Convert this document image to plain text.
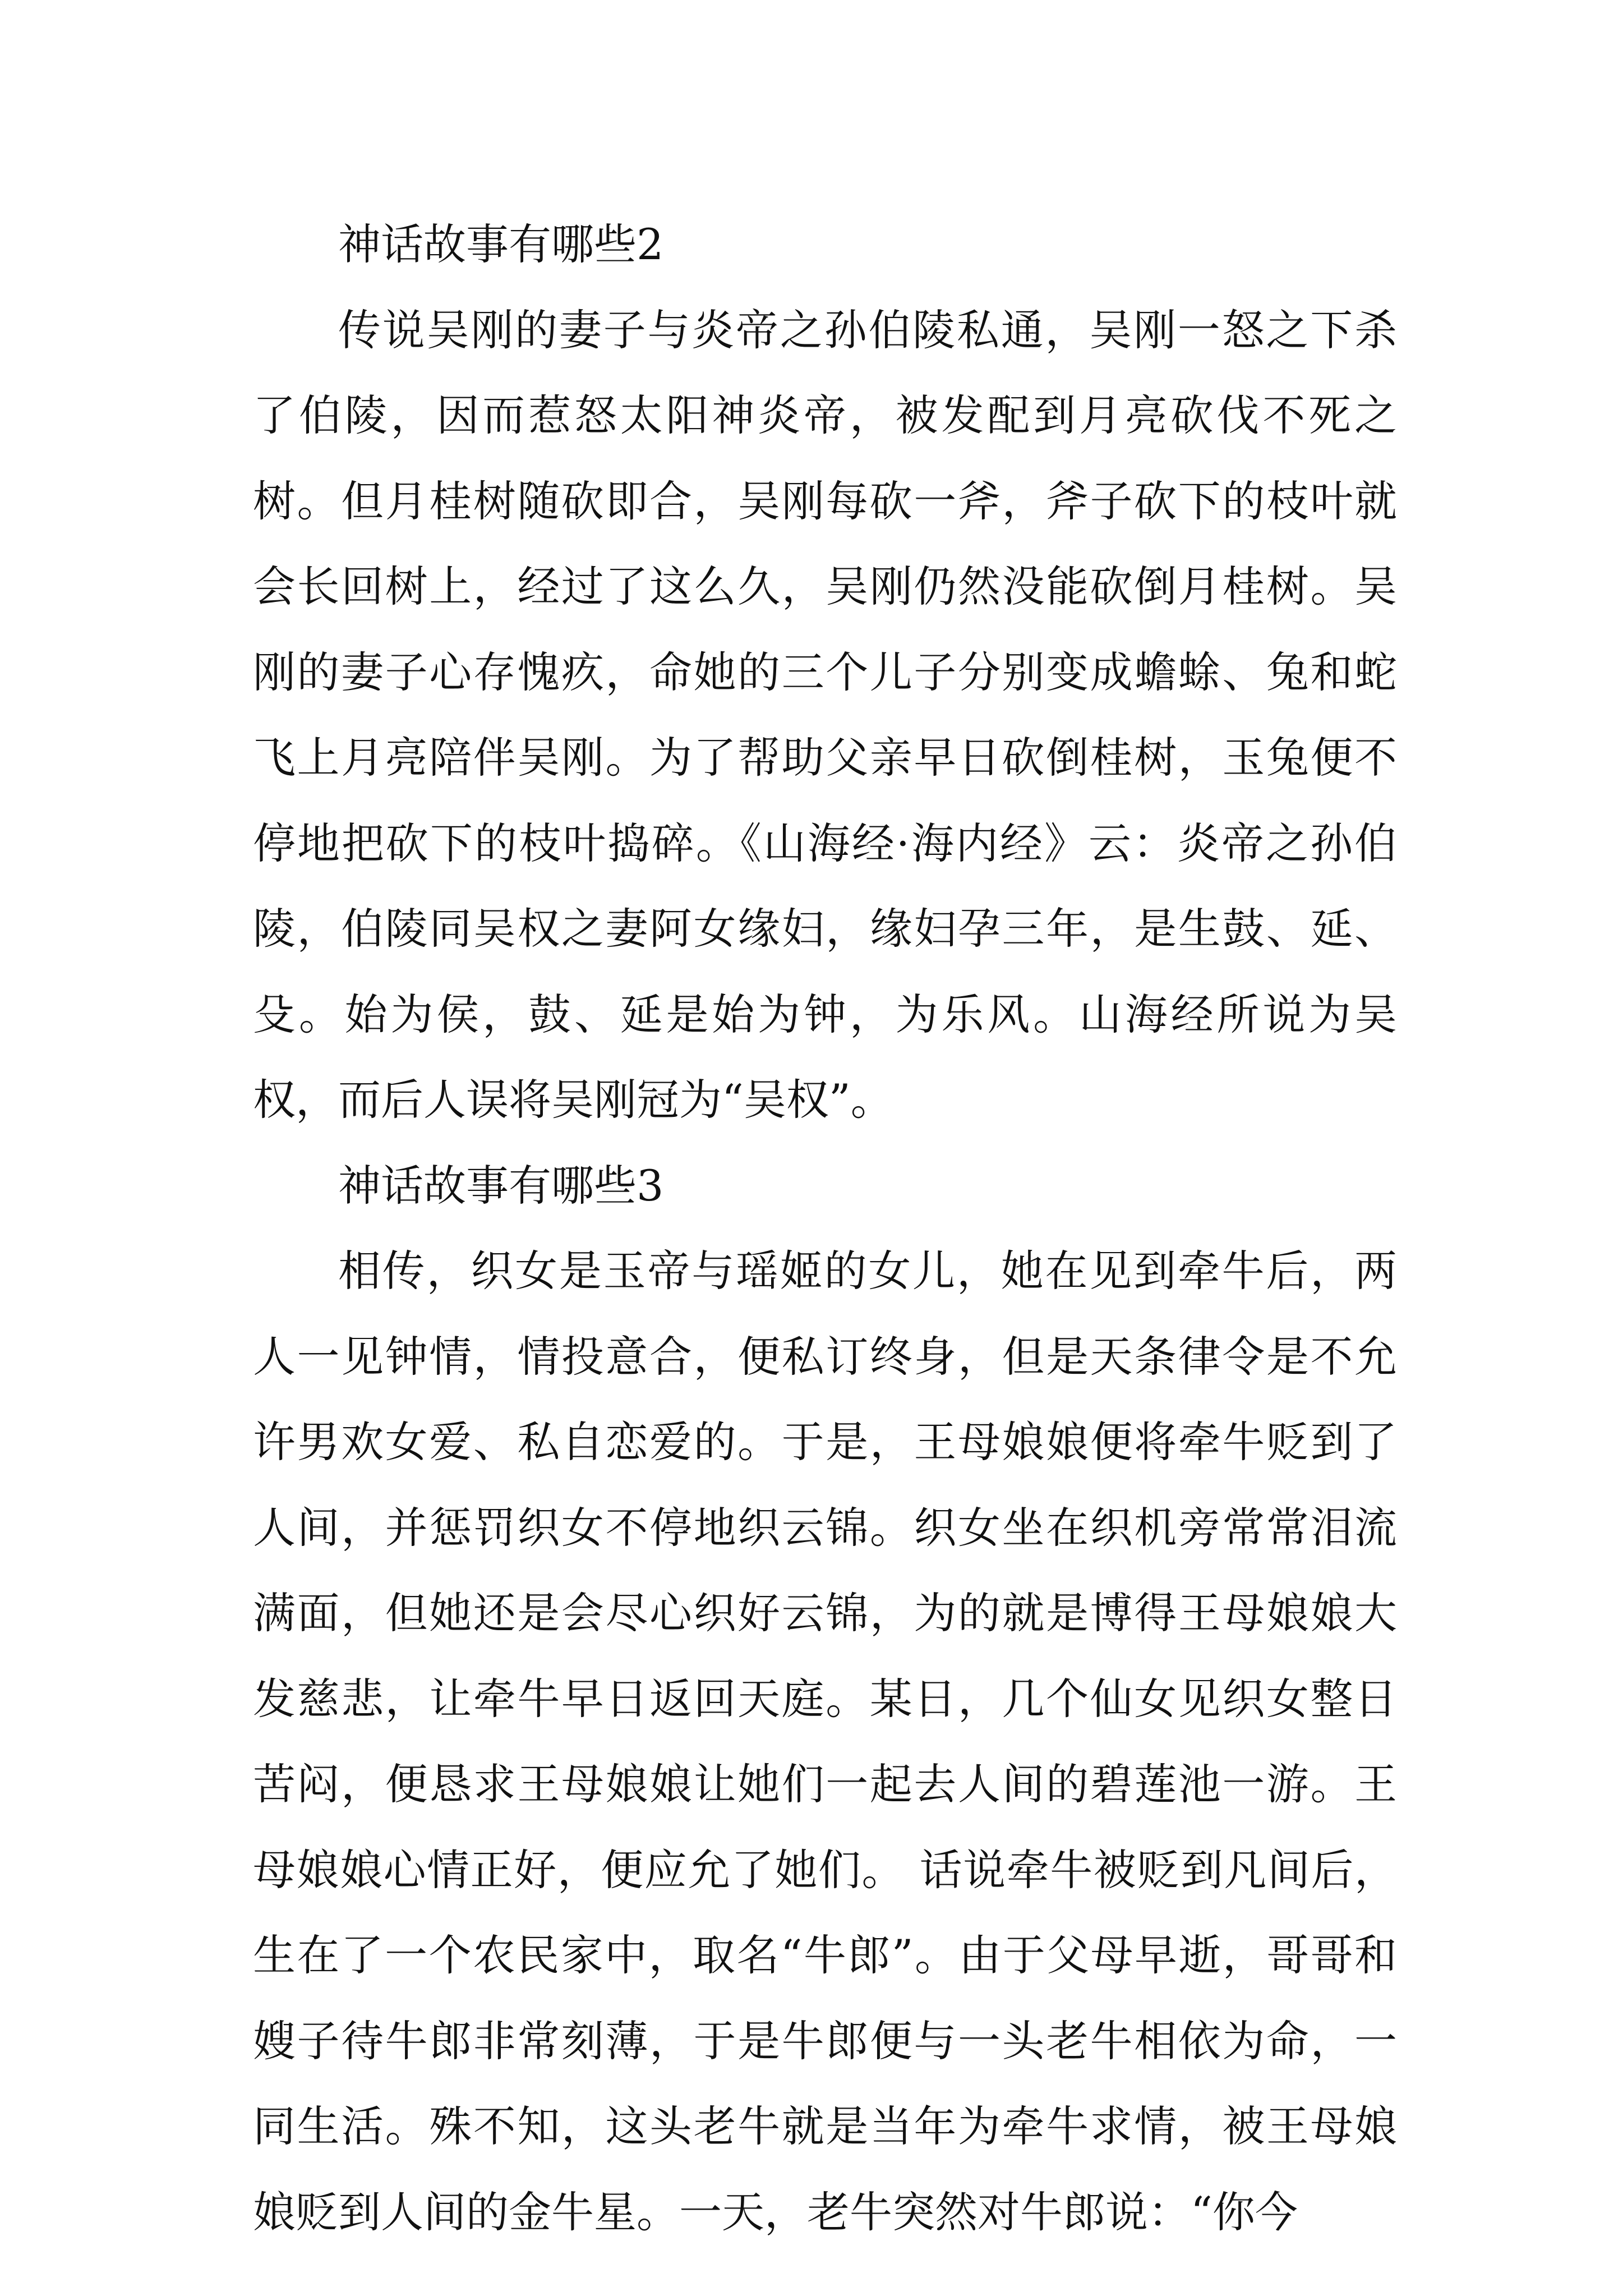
神话故事有哪些2

传说吴刚的妻子与炎帝之孙伯陵私通，吴刚一怒之下杀了伯陵，因而惹怒太阳神炎帝，被发配到月亮砍伐不死之树。但月桂树随砍即合，吴刚每砍一斧，斧子砍下的枝叶就会长回树上，经过了这么久，吴刚仍然没能砍倒月桂树。吴刚的妻子心存愧疚，命她的三个儿子分别变成蟾蜍、兔和蛇飞上月亮陪伴吴刚。为了帮助父亲早日砍倒桂树，玉兔便不停地把砍下的枝叶捣碎。《山海经·海内经》云：炎帝之孙伯陵，伯陵同吴权之妻阿女缘妇，缘妇孕三年，是生鼓、延、殳。始为侯，鼓、延是始为钟，为乐风。山海经所说为吴权，而后人误将吴刚冠为“吴权”。

神话故事有哪些3

相传，织女是玉帝与瑶姬的女儿，她在见到牵牛后，两人一见钟情，情投意合，便私订终身，但是天条律令是不允许男欢女爱、私自恋爱的。于是，王母娘娘便将牵牛贬到了人间，并惩罚织女不停地织云锦。织女坐在织机旁常常泪流满面，但她还是会尽心织好云锦，为的就是博得王母娘娘大发慈悲，让牵牛早日返回天庭。某日，几个仙女见织女整日苦闷，便恳求王母娘娘让她们一起去人间的碧莲池一游。王母娘娘心情正好，便应允了她们。 话说牵牛被贬到凡间后，生在了一个农民家中，取名“牛郎”。由于父母早逝，哥哥和嫂子待牛郎非常刻薄，于是牛郎便与一头老牛相依为命，一同生活。殊不知，这头老牛就是当年为牵牛求情，被王母娘娘贬到人间的金牛星。一天，老牛突然对牛郎说：“你今
